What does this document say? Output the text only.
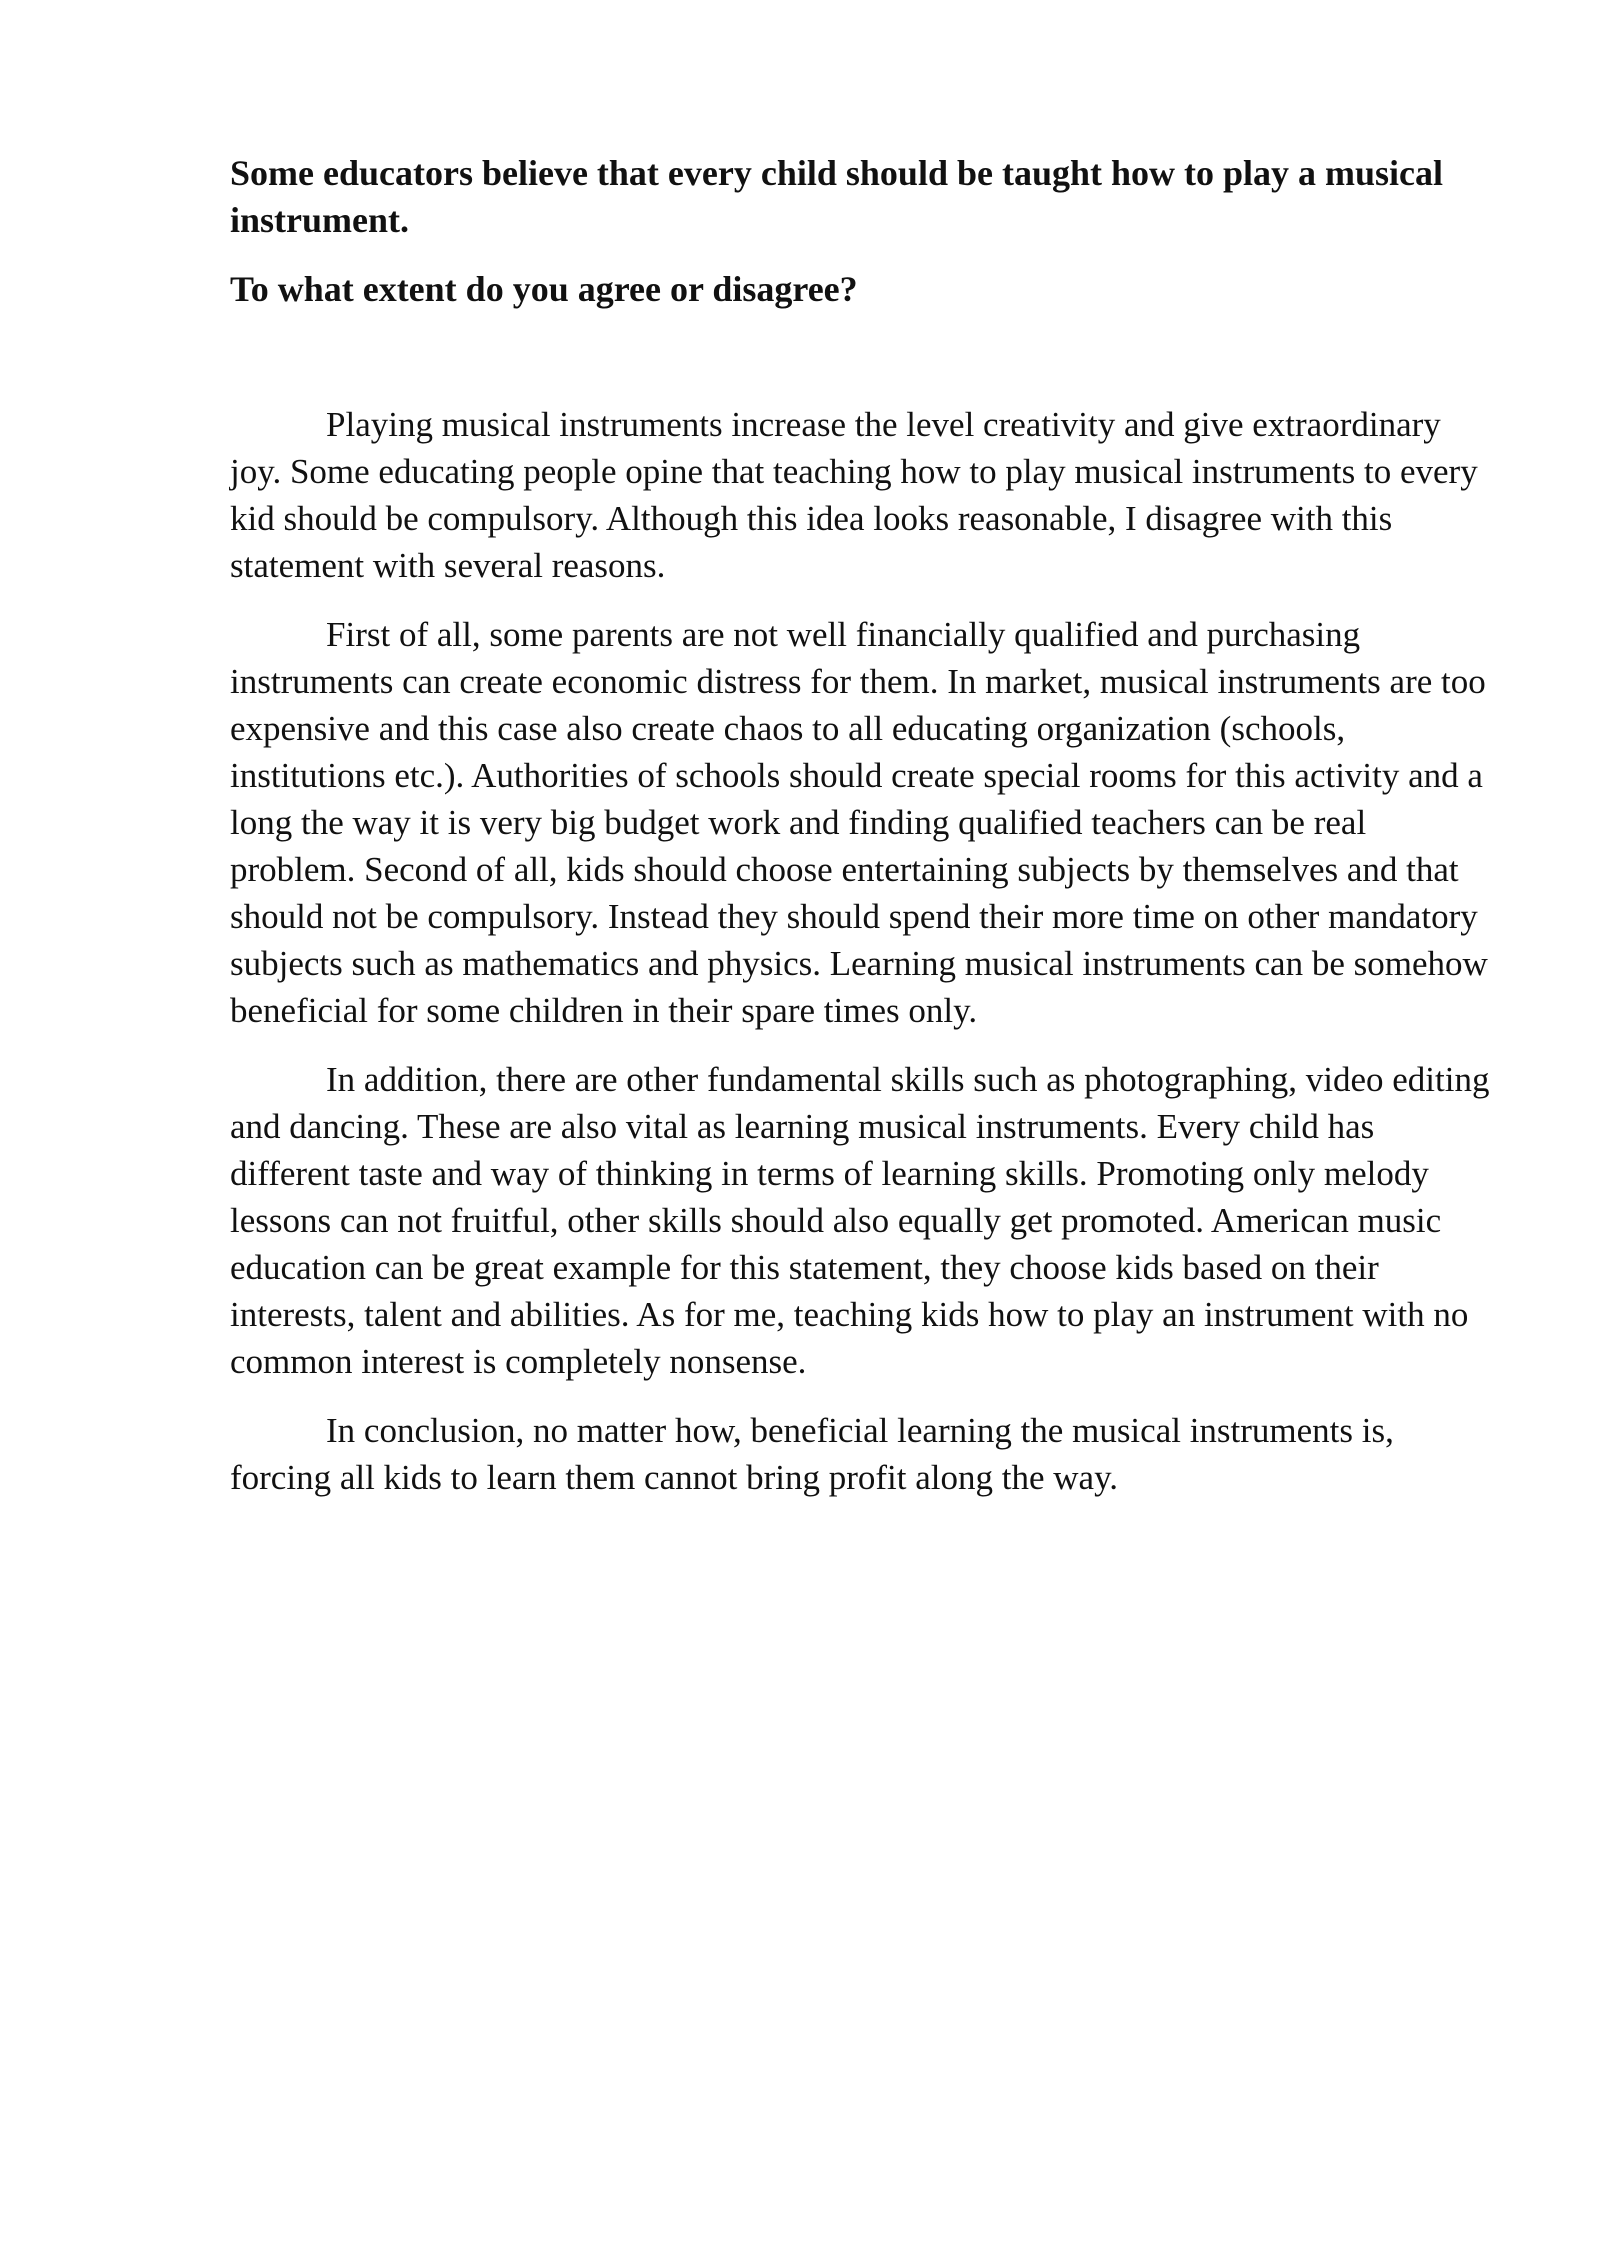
Some educators believe that every child should be taught how to play a musical instrument.

To what extent do you agree or disagree?

Playing musical instruments increase the level creativity and give extraordinary joy. Some educating people opine that teaching how to play musical instruments to every kid should be compulsory. Although this idea looks reasonable, I disagree with this statement with several reasons.

First of all, some parents are not well financially qualified and purchasing instruments can create economic distress for them. In market, musical instruments are too expensive and this case also create chaos to all educating organization (schools, institutions etc.). Authorities of schools should create special rooms for this activity and a long the way it is very big budget work and finding qualified teachers can be real problem. Second of all, kids should choose entertaining subjects by themselves and that should not be compulsory. Instead they should spend their more time on other mandatory subjects such as mathematics and physics. Learning musical instruments can be somehow beneficial for some children in their spare times only.

In addition, there are other fundamental skills such as photographing, video editing and dancing. These are also vital as learning musical instruments. Every child has different taste and way of thinking in terms of learning skills. Promoting only melody lessons can not fruitful, other skills should also equally get promoted. American music education can be great example for this statement, they choose kids based on their interests, talent and abilities. As for me, teaching kids how to play an instrument with no common interest is completely nonsense.

In conclusion, no matter how, beneficial learning the musical instruments is, forcing all kids to learn them cannot bring profit along the way.
